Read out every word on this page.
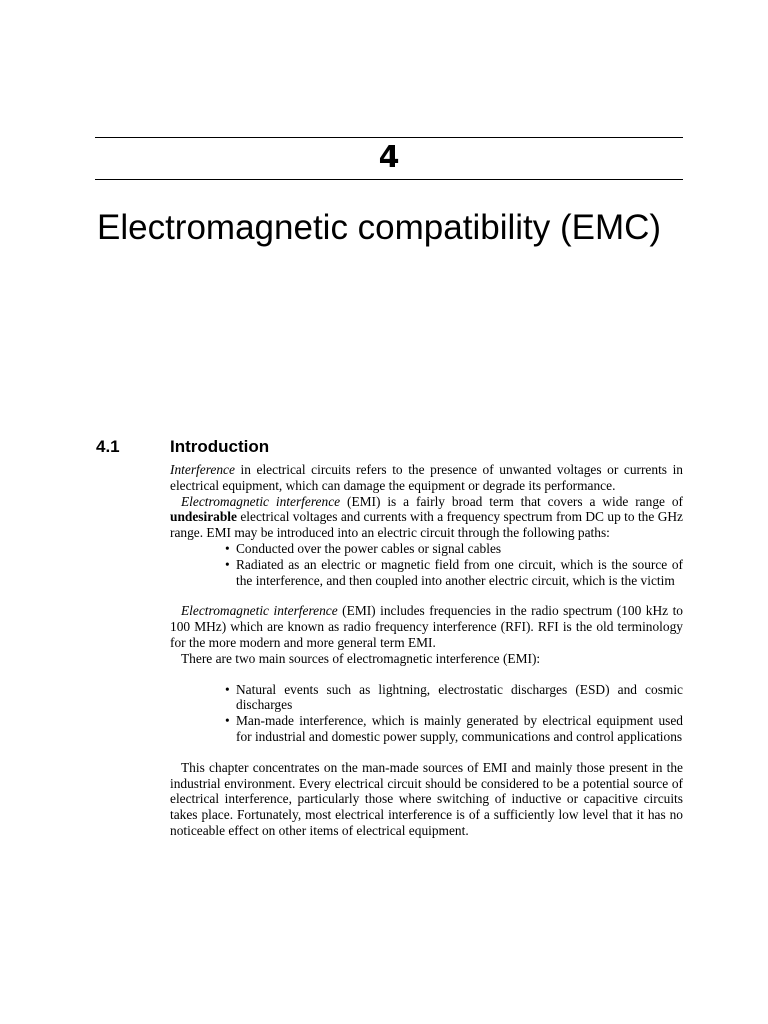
4
Electromagnetic compatibility (EMC)
4.1	Introduction

Interference in electrical circuits refers to the presence of unwanted voltages or currents in electrical equipment, which can damage the equipment or degrade its performance.

Electromagnetic interference (EMI) is a fairly broad term that covers a wide range of undesirable electrical voltages and currents with a frequency spectrum from DC up to the GHz range. EMI may be introduced into an electric circuit through the following paths:

• Conducted over the power cables or signal cables
• Radiated as an electric or magnetic field from one circuit, which is the source of the interference, and then coupled into another electric circuit, which is the victim

Electromagnetic interference (EMI) includes frequencies in the radio spectrum (100 kHz to 100 MHz) which are known as radio frequency interference (RFI). RFI is the old terminology for the more modern and more general term EMI.

There are two main sources of electromagnetic interference (EMI):

• Natural events such as lightning, electrostatic discharges (ESD) and cosmic discharges
• Man-made interference, which is mainly generated by electrical equipment used for industrial and domestic power supply, communications and control applications

This chapter concentrates on the man-made sources of EMI and mainly those present in the industrial environment. Every electrical circuit should be considered to be a potential source of electrical interference, particularly those where switching of inductive or capacitive circuits takes place. Fortunately, most electrical interference is of a sufficiently low level that it has no noticeable effect on other items of electrical equipment.
